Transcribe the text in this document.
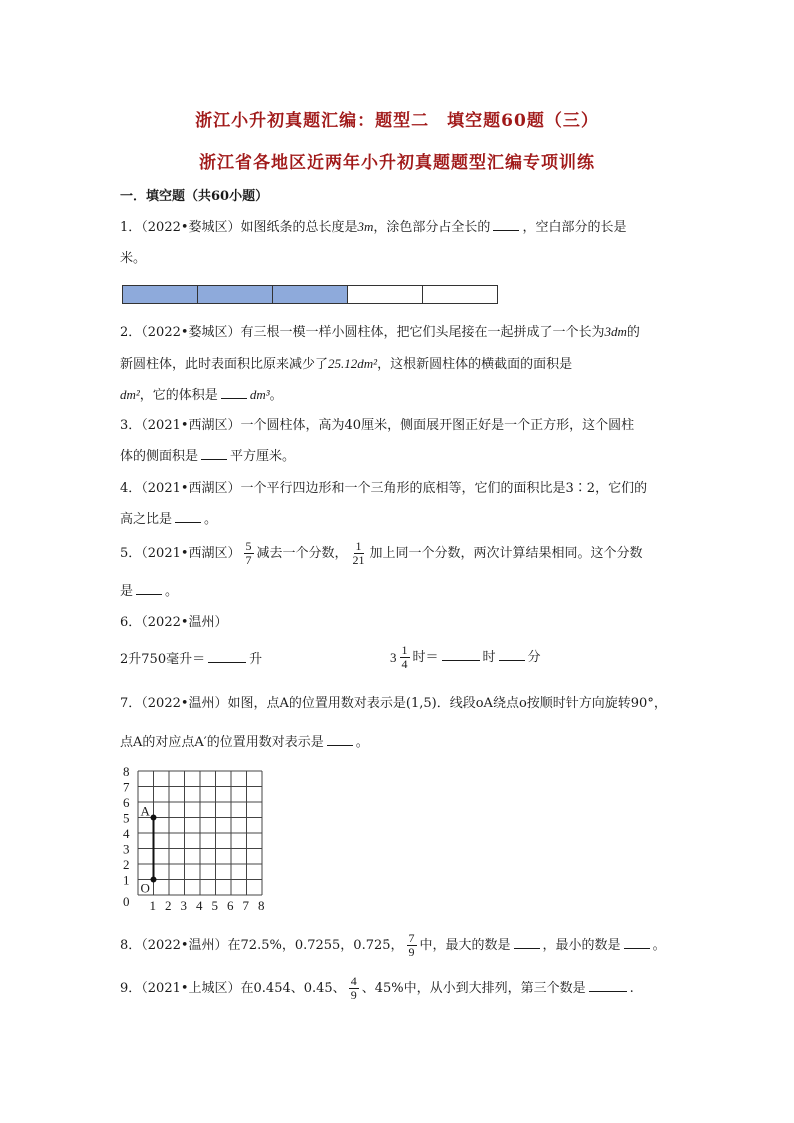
浙江小升初真题汇编：题型二　填空题60题（三）
浙江省各地区近两年小升初真题题型汇编专项训练
一．填空题（共60小题）
1．（2022•婺城区）如图纸条的总长度是3m，涂色部分占全长的 ，空白部分的长是
米。
2．（2022•婺城区）有三根一模一样小圆柱体，把它们头尾接在一起拼成了一个长为3dm的
新圆柱体，此时表面积比原来减少了25.12dm²，这根新圆柱体的横截面的面积是
dm²，它的体积是 dm³。
3．（2021•西湖区）一个圆柱体，高为40厘米，侧面展开图正好是一个正方形，这个圆柱
体的侧面积是 平方厘米。
4．（2021•西湖区）一个平行四边形和一个三角形的底相等，它们的面积比是3∶2，它们的
高之比是 。
5．（2021•西湖区） $\frac{5}{7}$ 减去一个分数， $\frac{1}{21}$ 加上同一个分数，两次计算结果相同。这个分数
是 。
6．（2022•温州）
2升750毫升＝	升	$3 \frac{1}{4}$ 时＝	时 分
7．（2022•温州）如图，点A的位置用数对表示是(1,5)．线段oA绕点o按顺时针方向旋转90°，
点A的对应点A′的位置用数对表示是 。
1 2 3 4 5 6 7 8
1
2
3
4
5
6
7
8
0
A
O
8．（2022•温州）在72.5%，0.7255，0.725̇， $\frac{7}{9}$ 中，最大的数是 ，最小的数是 。
9．（2021•上城区）在0.454、0.45̇、 $\frac{4}{9}$ 、45%中，从小到大排列，第三个数是	.
